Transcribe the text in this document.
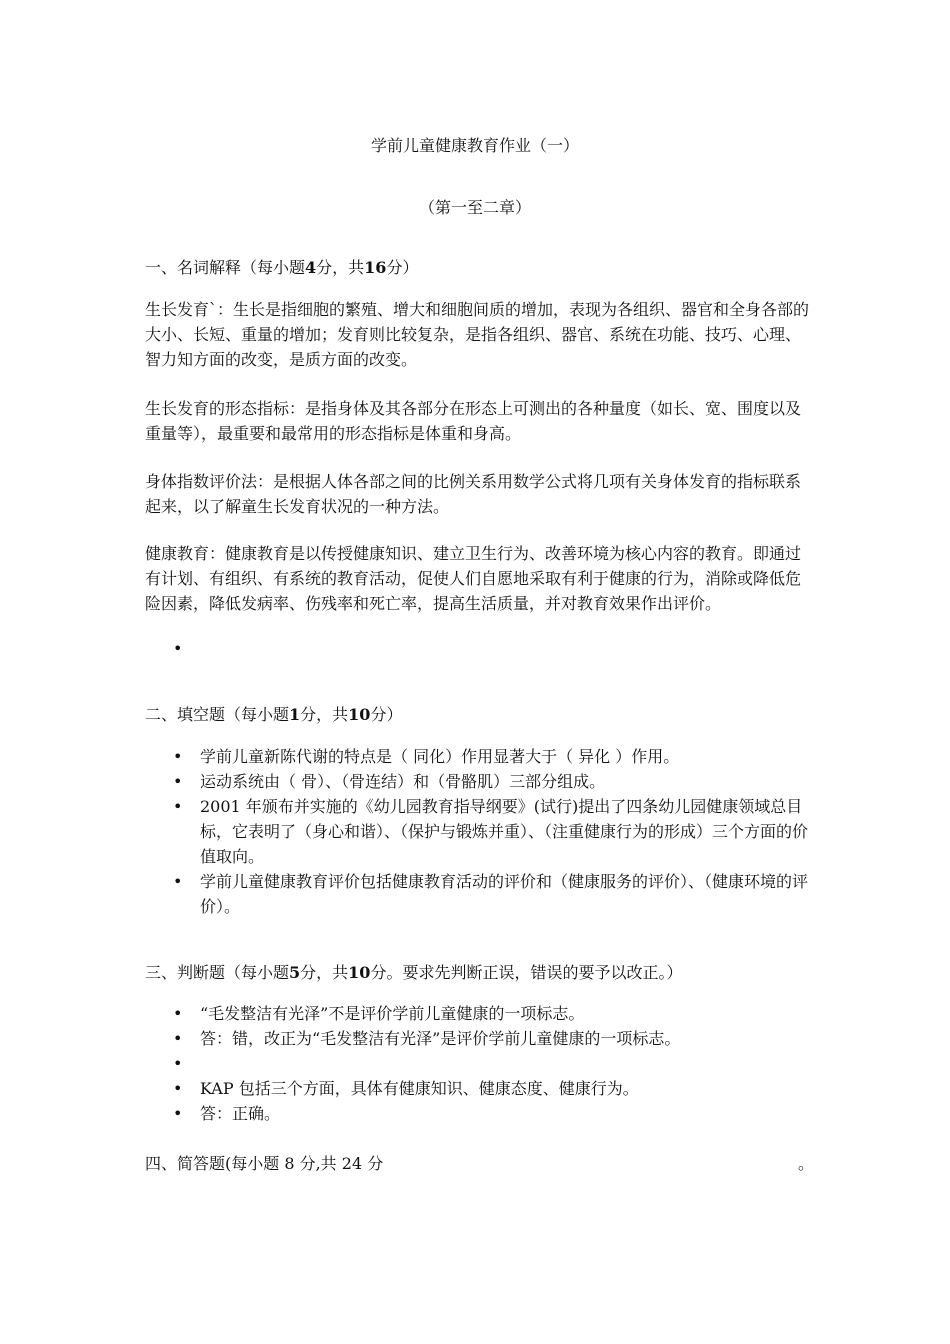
学前儿童健康教育作业（一）
（第一至二章）
一、名词解释（每小题4分，共16分）
生长发育`：生长是指细胞的繁殖、增大和细胞间质的增加，表现为各组织、器官和全身各部的大小、长短、重量的增加；发育则比较复杂，是指各组织、器官、系统在功能、技巧、心理、智力知方面的改变，是质方面的改变。
生长发育的形态指标：是指身体及其各部分在形态上可测出的各种量度（如长、宽、围度以及重量等），最重要和最常用的形态指标是体重和身高。
身体指数评价法：是根据人体各部之间的比例关系用数学公式将几项有关身体发育的指标联系起来，以了解童生长发育状况的一种方法。
健康教育：健康教育是以传授健康知识、建立卫生行为、改善环境为核心内容的教育。即通过有计划、有组织、有系统的教育活动，促使人们自愿地采取有利于健康的行为，消除或降低危险因素，降低发病率、伤残率和死亡率，提高生活质量，并对教育效果作出评价。
•
二、填空题（每小题1分，共10分）
• 学前儿童新陈代谢的特点是（ 同化）作用显著大于（ 异化 ）作用。
• 运动系统由（ 骨）、（骨连结）和（骨骼肌）三部分组成。
• 2001 年颁布并实施的《幼儿园教育指导纲要》(试行)提出了四条幼儿园健康领域总目标，它表明了（身心和谐）、（保护与锻炼并重）、（注重健康行为的形成）三个方面的价值取向。
• 学前儿童健康教育评价包括健康教育活动的评价和（健康服务的评价）、（健康环境的评价）。
三、判断题（每小题5分，共10分。要求先判断正误，错误的要予以改正。）
• “毛发整洁有光泽”不是评价学前儿童健康的一项标志。
• 答：错，改正为“毛发整洁有光泽”是评价学前儿童健康的一项标志。
•
• KAP 包括三个方面，具体有健康知识、健康态度、健康行为。
• 答：正确。
四、简答题(每小题 8 分,共 24 分	。
